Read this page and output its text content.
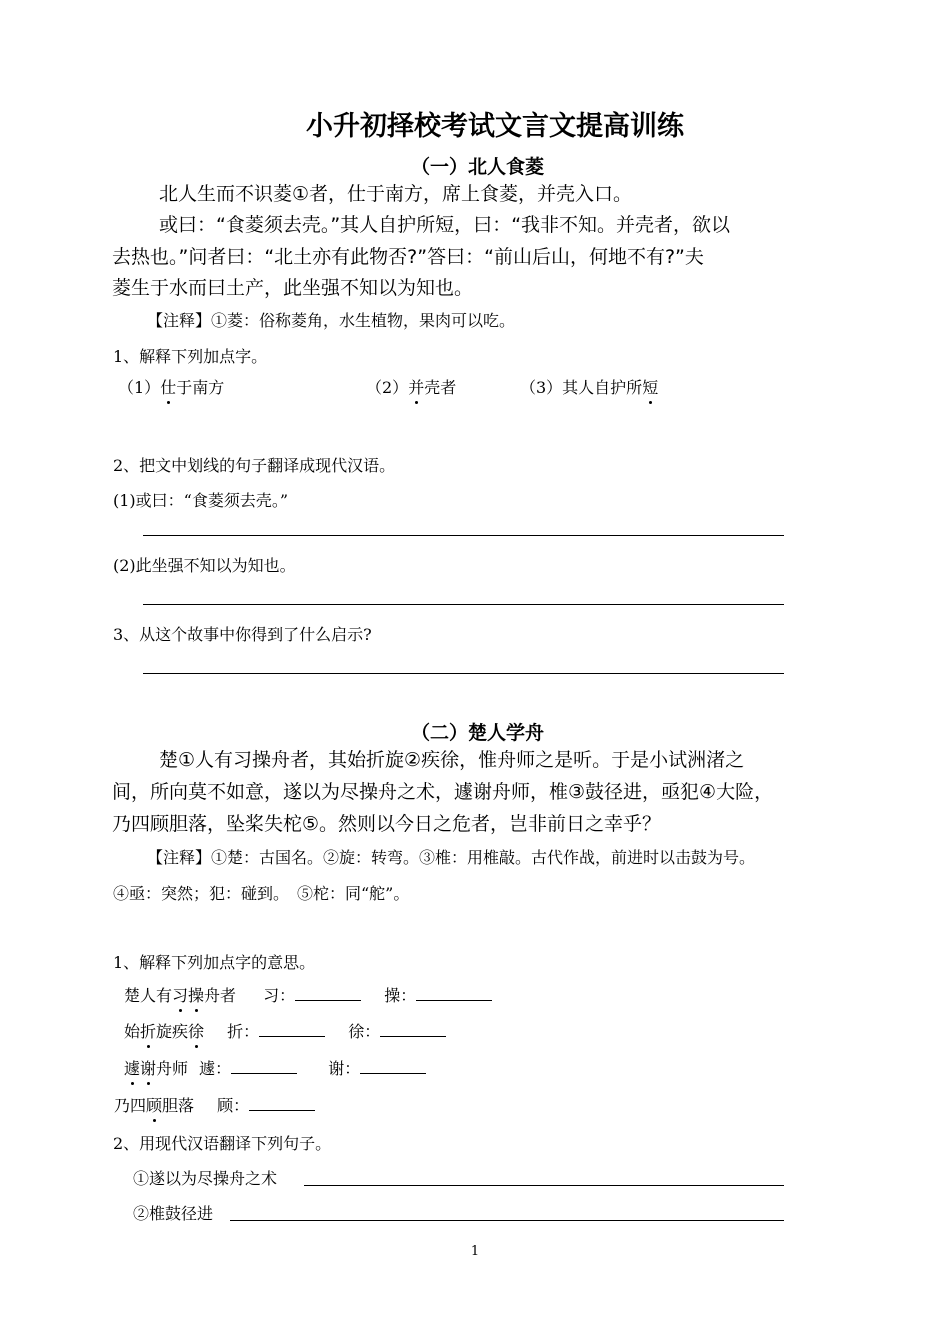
小升初择校考试文言文提高训练
（一）北人食菱
北人生而不识菱①者，仕于南方，席上食菱，并壳入口。
或曰：“食菱须去壳。”其人自护所短，曰：“我非不知。并壳者，欲以
去热也。”问者曰：“北土亦有此物否?”答曰：“前山后山，何地不有?”夫
菱生于水而曰土产，此坐强不知以为知也。
【注释】①菱：俗称菱角，水生植物，果肉可以吃。
1、解释下列加点字。
（1）仕于南方	（2）并壳者	（3）其人自护所短
2、把文中划线的句子翻译成现代汉语。
(1)或曰：“食菱须去壳。”
(2)此坐强不知以为知也。
3、从这个故事中你得到了什么启示?
（二）楚人学舟
楚①人有习操舟者，其始折旋②疾徐，惟舟师之是听。于是小试洲渚之
间，所向莫不如意，遂以为尽操舟之术，遽谢舟师，椎③鼓径进，亟犯④大险，
乃四顾胆落，坠桨失柁⑤。然则以今日之危者，岂非前日之幸乎？
【注释】①楚：古国名。②旋：转弯。③椎：用椎敲。古代作战，前进时以击鼓为号。
④亟：突然；犯：碰到。　⑤柁：同“舵”。
1、解释下列加点字的意思。
楚人有习操舟者 习：	操：
始折旋疾徐 折：	徐：
遽谢舟师 遽：	谢：
乃四顾胆落 顾：
2、用现代汉语翻译下列句子。
①遂以为尽操舟之术
②椎鼓径进
1
